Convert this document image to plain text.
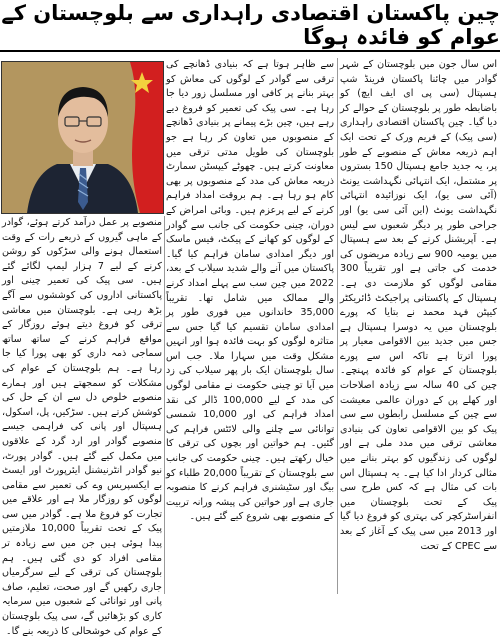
چین پاکستان اقتصادی راہداری سے بلوچستان کے عوام کو فائدہ ہوگا

اس سال جون میں بلوچستان کے شہر گوادر میں چائنا پاکستان فرینڈ شپ ہسپتال (سی پی ای ایف ایچ) کو باضابطہ طور پر بلوچستان کے حوالے کر دیا گیا۔ چین پاکستان اقتصادی راہداری (سی پیک) کے فریم ورک کے تحت ایک اہم ذریعہ معاش کے منصوبے کے طور پر، یہ جدید جامع ہسپتال 150 بستروں پر مشتمل، ایک انتہائی نگہداشت یونٹ (آئی سی یو)، ایک نوزائیدہ انتہائی نگہداشت یونٹ (این آئی سی یو) اور جراحی طور پر دیگر شعبوں سے لیس ہے۔ آپریشنل کرنے کے بعد سے ہسپتال میں یومیہ 900 سے زیادہ مریضوں کی خدمت کی جاتی ہے اور تقریباً 300 مقامی لوگوں کو ملازمت دی ہے۔ ہسپتال کے پاکستانی پراجیکٹ ڈائریکٹر کیپٹن فہد محمد نے بتایا کہ پورے بلوچستان میں یہ دوسرا ہسپتال ہے جس میں جدید بین الاقوامی معیار پر پورا اترتا ہے تاکہ اس سے پورے بلوچستان کے عوام کو فائدہ پہنچے۔ چین کی 40 سالہ سے زیادہ اصلاحات اور کھلے پن کے دوران عالمی معیشت سے چین کے مسلسل رابطوں سے سی پیک کو بین الاقوامی تعاون کی بنیادی معاشی ترقی میں مدد ملی ہے اور لوگوں کی زندگیوں کو بہتر بنانے میں مثالی کردار ادا کیا ہے۔ یہ ہسپتال اس بات کی مثال ہے کہ کس طرح سی پیک کے تحت بلوچستان میں انفراسٹرکچر کی بہتری کو فروغ دیا گیا اور 2013 میں سی پیک کے آغاز کے بعد سے CPEC کے تحت

سے ظاہر ہوتا ہے کہ بنیادی ڈھانچے کی ترقی سے گوادر کے لوگوں کی معاش کو بہتر بنانے پر کافی اور مسلسل زور دیا جا رہا ہے۔ سی پیک کی تعمیر کو فروغ دیے رہے ہیں، چین بڑے پیمانے پر بنیادی ڈھانچے کے منصوبوں میں تعاون کر رہا ہے جو بلوچستان کی طویل مدتی ترقی میں معاونت کرتے ہیں۔ چھوٹے کیپسٹن سمارٹ ذریعہ معاش کی مدد کے منصوبوں پر بھی کام ہو رہا ہے۔ ہم بروقت امداد فراہم کرنے کے لیے پرعزم ہیں۔ وبائی امراض کے دوران، چینی حکومت کی جانب سے گوادر کے لوگوں کو کھانے کے پیکٹ، فیس ماسک اور دیگر امدادی سامان فراہم کیا گیا۔ پاکستان میں آنے والے شدید سیلاب کے بعد، 2022 میں چین سب سے پہلے امداد کرنے والے ممالک میں شامل تھا۔ تقریباً 35,000 خاندانوں میں فوری طور پر امدادی سامان تقسیم کیا گیا جس سے متاثرہ لوگوں کو بہت فائدہ ہوا اور انہیں مشکل وقت میں سہارا ملا۔ جب اس سال بلوچستان ایک بار پھر سیلاب کی زد میں آیا تو چینی حکومت نے مقامی لوگوں کی مدد کے لیے 100,000 ڈالر کی نقد امداد فراہم کی اور 10,000 شمسی توانائی سے چلنے والی لائٹس فراہم کی گئیں۔ ہم خواتین اور بچوں کی ترقی کا خیال رکھتے ہیں۔ چینی حکومت کی جانب سے بلوچستان کے تقریباً 20,000 طلباء کو بیگ اور سٹیشنری فراہم کرنے کا منصوبہ جاری ہے اور خواتین کی پیشہ ورانہ تربیت کے منصوبے بھی شروع کیے گئے ہیں۔

منصوبے پر عمل درآمد کرتے ہوئے، گوادر کے ماہی گیروں کے ذریعے رات کے وقت استعمال ہونے والی سڑکوں کو روشن کرنے کے لیے 7 ہزار لیمپ لگائے گئے ہیں۔ سی پیک کی تعمیر چینی اور پاکستانی اداروں کی کوششوں سے آگے بڑھ رہی ہے۔ بلوچستان میں معاشی ترقی کو فروغ دیتے ہوئے روزگار کے مواقع فراہم کرنے کے ساتھ ساتھ سماجی ذمہ داری کو بھی پورا کیا جا رہا ہے۔ ہم بلوچستان کے عوام کی مشکلات کو سمجھتے ہیں اور ہمارے منصوبے خلوص دل سے ان کے حل کی کوشش کرتے ہیں۔ سڑکیں، پل، اسکول، ہسپتال اور پانی کی فراہمی جیسے منصوبے گوادر اور ارد گرد کے علاقوں میں مکمل کیے گئے ہیں۔ گوادر پورٹ، نیو گوادر انٹرنیشنل ایئرپورٹ اور ایسٹ بے ایکسپریس وے کی تعمیر سے مقامی لوگوں کو روزگار ملا ہے اور علاقے میں تجارت کو فروغ ملا ہے۔ گوادر میں سی پیک کے تحت تقریباً 10,000 ملازمتیں پیدا ہوئی ہیں جن میں سے زیادہ تر مقامی افراد کو دی گئی ہیں۔ ہم بلوچستان کی ترقی کے لیے سرگرمیاں جاری رکھیں گے اور صحت، تعلیم، صاف پانی اور توانائی کے شعبوں میں سرمایہ کاری کو بڑھائیں گے، سی پیک بلوچستان کے عوام کی خوشحالی کا ذریعہ بنے گا۔
